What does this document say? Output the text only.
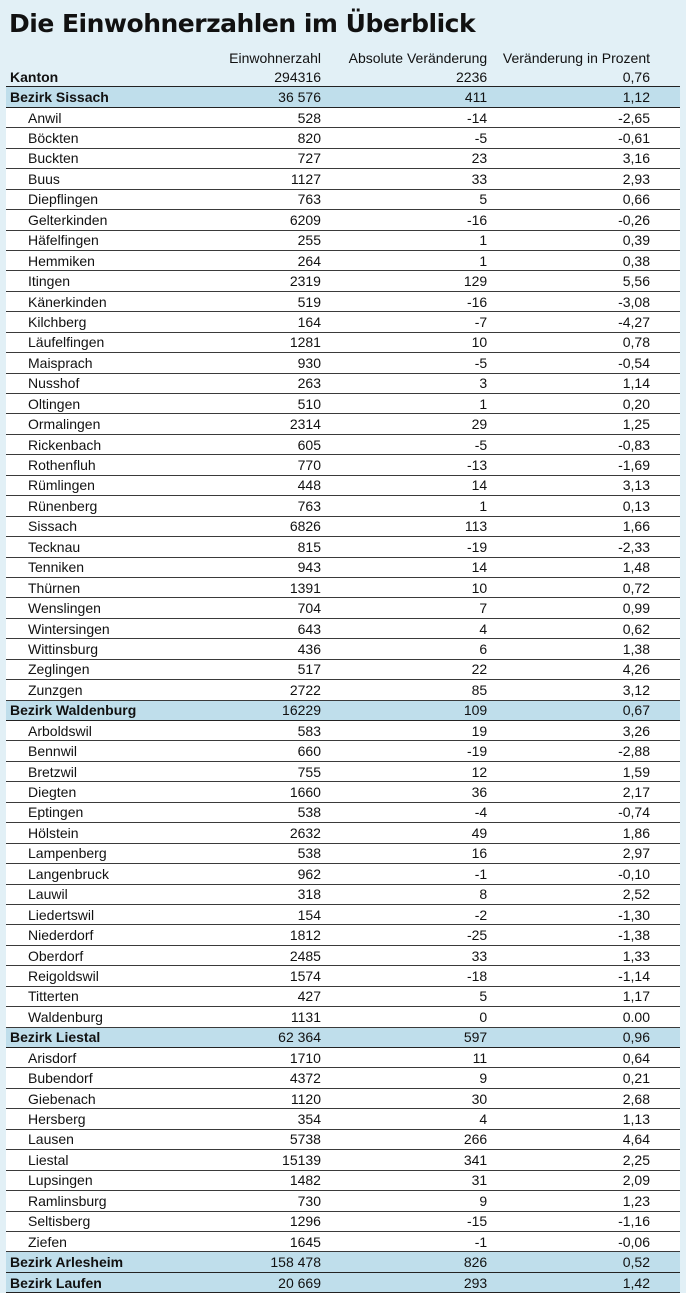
Die Einwohnerzahlen im Überblick
	Einwohnerzahl	Absolute Veränderung	Veränderung in Prozent
Kanton	294316	2236	0,76
Bezirk Sissach	36 576	411	1,12
Anwil	528	-14	-2,65
Böckten	820	-5	-0,61
Buckten	727	23	3,16
Buus	1127	33	2,93
Diepflingen	763	5	0,66
Gelterkinden	6209	-16	-0,26
Häfelfingen	255	1	0,39
Hemmiken	264	1	0,38
Itingen	2319	129	5,56
Känerkinden	519	-16	-3,08
Kilchberg	164	-7	-4,27
Läufelfingen	1281	10	0,78
Maisprach	930	-5	-0,54
Nusshof	263	3	1,14
Oltingen	510	1	0,20
Ormalingen	2314	29	1,25
Rickenbach	605	-5	-0,83
Rothenfluh	770	-13	-1,69
Rümlingen	448	14	3,13
Rünenberg	763	1	0,13
Sissach	6826	113	1,66
Tecknau	815	-19	-2,33
Tenniken	943	14	1,48
Thürnen	1391	10	0,72
Wenslingen	704	7	0,99
Wintersingen	643	4	0,62
Wittinsburg	436	6	1,38
Zeglingen	517	22	4,26
Zunzgen	2722	85	3,12
Bezirk Waldenburg	16229	109	0,67
Arboldswil	583	19	3,26
Bennwil	660	-19	-2,88
Bretzwil	755	12	1,59
Diegten	1660	36	2,17
Eptingen	538	-4	-0,74
Hölstein	2632	49	1,86
Lampenberg	538	16	2,97
Langenbruck	962	-1	-0,10
Lauwil	318	8	2,52
Liedertswil	154	-2	-1,30
Niederdorf	1812	-25	-1,38
Oberdorf	2485	33	1,33
Reigoldswil	1574	-18	-1,14
Titterten	427	5	1,17
Waldenburg	1131	0	0.00
Bezirk Liestal	62 364	597	0,96
Arisdorf	1710	11	0,64
Bubendorf	4372	9	0,21
Giebenach	1120	30	2,68
Hersberg	354	4	1,13
Lausen	5738	266	4,64
Liestal	15139	341	2,25
Lupsingen	1482	31	2,09
Ramlinsburg	730	9	1,23
Seltisberg	1296	-15	-1,16
Ziefen	1645	-1	-0,06
Bezirk Arlesheim	158 478	826	0,52
Bezirk Laufen	20 669	293	1,42
